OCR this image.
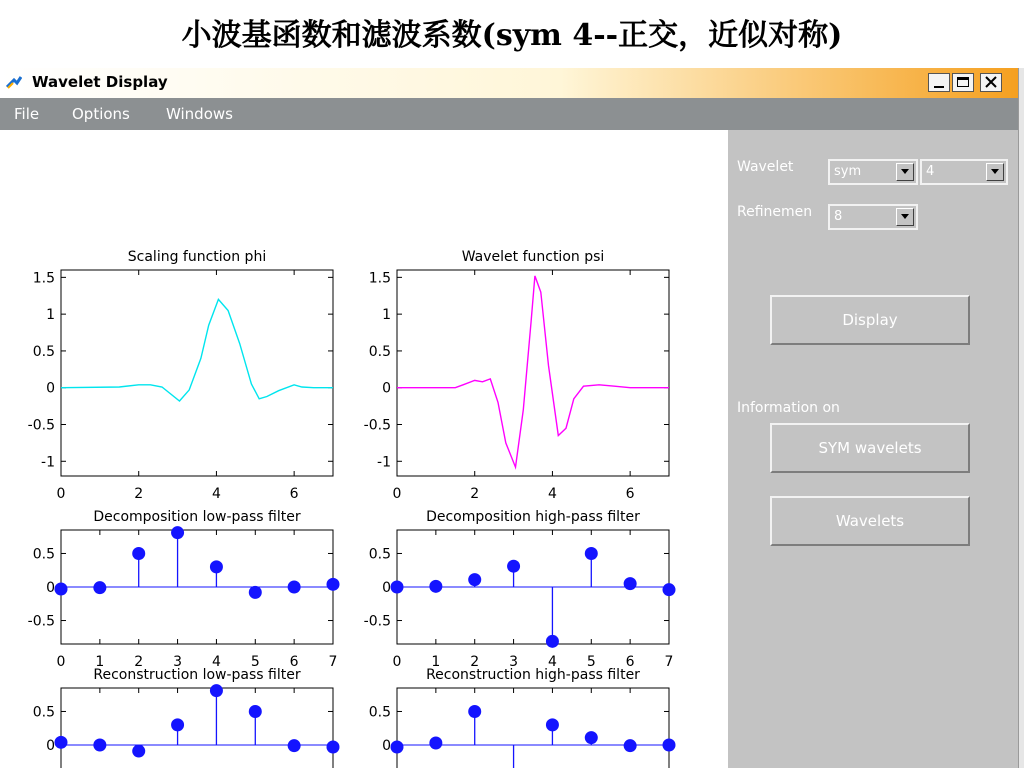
小波基函数和滤波系数(sym 4--正交，近似对称)
Wavelet Display
File Options Windows
1.5
1
0.5
0
-0.5
-1
0	2	4	6
Scaling function phi
1.5
1
0.5
0
-0.5
-1
0	2	4	6
Wavelet function psi
0.5
0
-0.5
0 1 2 3 4 5 6 7
Decomposition low-pass filter
0.5
0
-0.5
0 1 2 3 4 5 6 7
Decomposition high-pass filter
0.5
0
Reconstruction low-pass filter
0.5
0
Reconstruction high-pass filter
Wavelet	sym	4
Refinemen 8
Display
Information on
SYM wavelets
Wavelets
